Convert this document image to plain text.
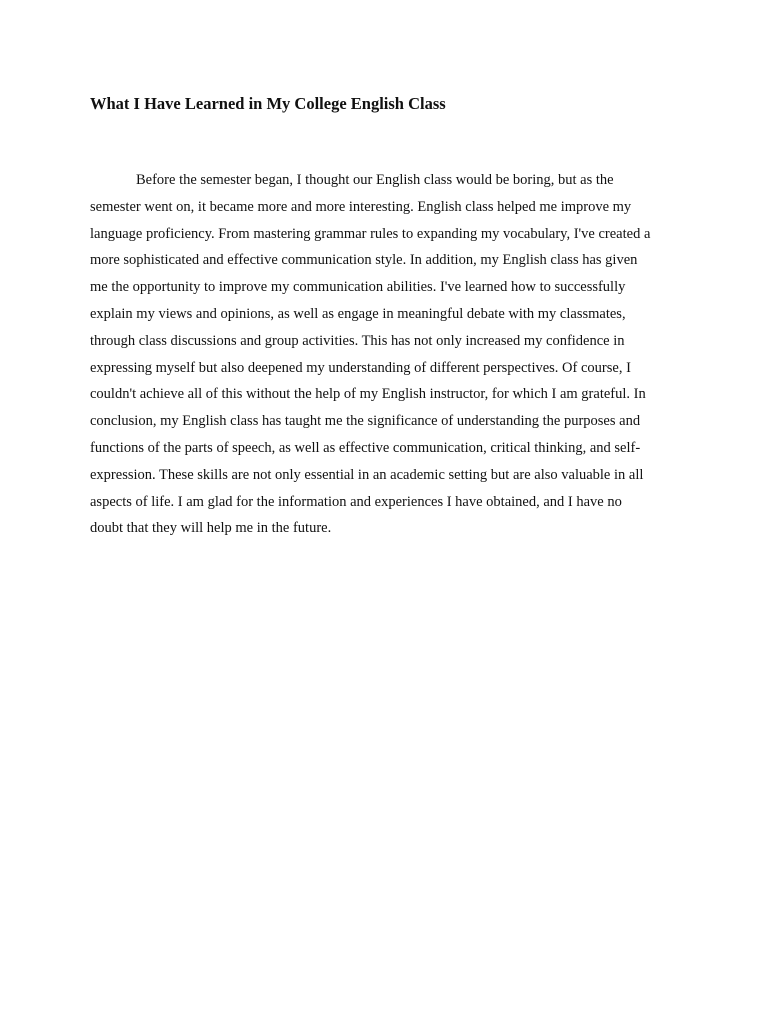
What I Have Learned in My College English Class
Before the semester began, I thought our English class would be boring, but as the
semester went on, it became more and more interesting. English class helped me improve my
language proficiency. From mastering grammar rules to expanding my vocabulary, I've created a
more sophisticated and effective communication style. In addition, my English class has given
me the opportunity to improve my communication abilities. I've learned how to successfully
explain my views and opinions, as well as engage in meaningful debate with my classmates,
through class discussions and group activities. This has not only increased my confidence in
expressing myself but also deepened my understanding of different perspectives. Of course, I
couldn't achieve all of this without the help of my English instructor, for which I am grateful. In
conclusion, my English class has taught me the significance of understanding the purposes and
functions of the parts of speech, as well as effective communication, critical thinking, and self-
expression. These skills are not only essential in an academic setting but are also valuable in all
aspects of life. I am glad for the information and experiences I have obtained, and I have no
doubt that they will help me in the future.
